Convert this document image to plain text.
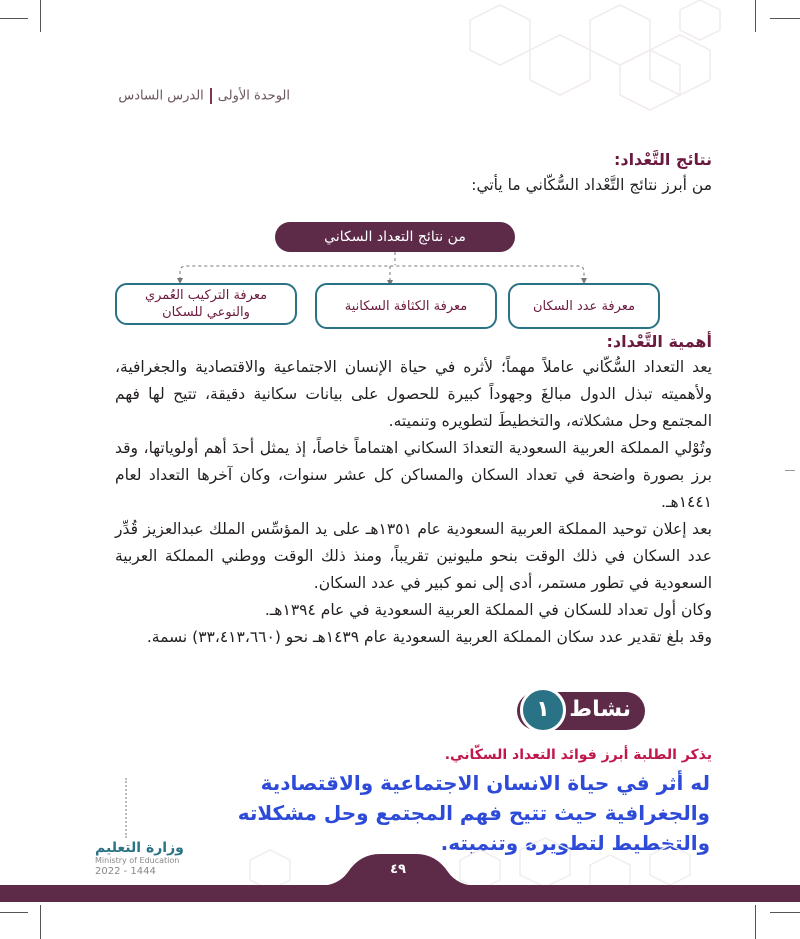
الوحدة الأولىالدرس السادس
نتائج التَّعْداد:
من أبرز نتائج التَّعْداد السُّكّاني ما يأتي:
من نتائج التعداد السكاني
معرفة عدد السكان
معرفة الكثافة السكانية
معرفة التركيب العُمري والنوعي للسكان
أهمية التَّعْداد:
يعد التعداد السُّكّاني عاملاً مهماً؛ لأثره في حياة الإنسان الاجتماعية والاقتصادية والجغرافية، ولأهميته تبذل الدول مبالغَ وجهوداً كبيرة للحصول على بيانات سكانية دقيقة، تتيح لها فهم المجتمع وحل مشكلاته، والتخطيطَ لتطويره وتنميته.
وتُوْلي المملكة العربية السعودية التعدادَ السكاني اهتماماً خاصاً، إذ يمثل أحدَ أهم أولوياتها، وقد برز بصورة واضحة في تعداد السكان والمساكن كل عشر سنوات، وكان آخرها التعداد لعام ١٤٤١هـ.
بعد إعلان توحيد المملكة العربية السعودية عام ١٣٥١هـ على يد المؤسِّس الملك عبدالعزيز قُدِّر عدد السكان في ذلك الوقت بنحو مليونين تقريباً، ومنذ ذلك الوقت ووطني المملكة العربية السعودية في تطور مستمر، أدى إلى نمو كبير في عدد السكان.
وكان أول تعداد للسكان في المملكة العربية السعودية في عام ١٣٩٤هـ.
وقد بلغ تقدير عدد سكان المملكة العربية السعودية عام ١٤٣٩هـ نحو (٣٣،٤١٣،٦٦٠) نسمة.
نشاط
١
يذكر الطلبة أبرز فوائد التعداد السكّاني.
له أثر في حياة الانسان الاجتماعية والاقتصادية والجغرافية حيث تتيح فهم المجتمع وحل مشكلاته والتخطيط لتطويره وتنميته.
٤٩
وزارة التعليم
Ministry of Education
2022 - 1444
